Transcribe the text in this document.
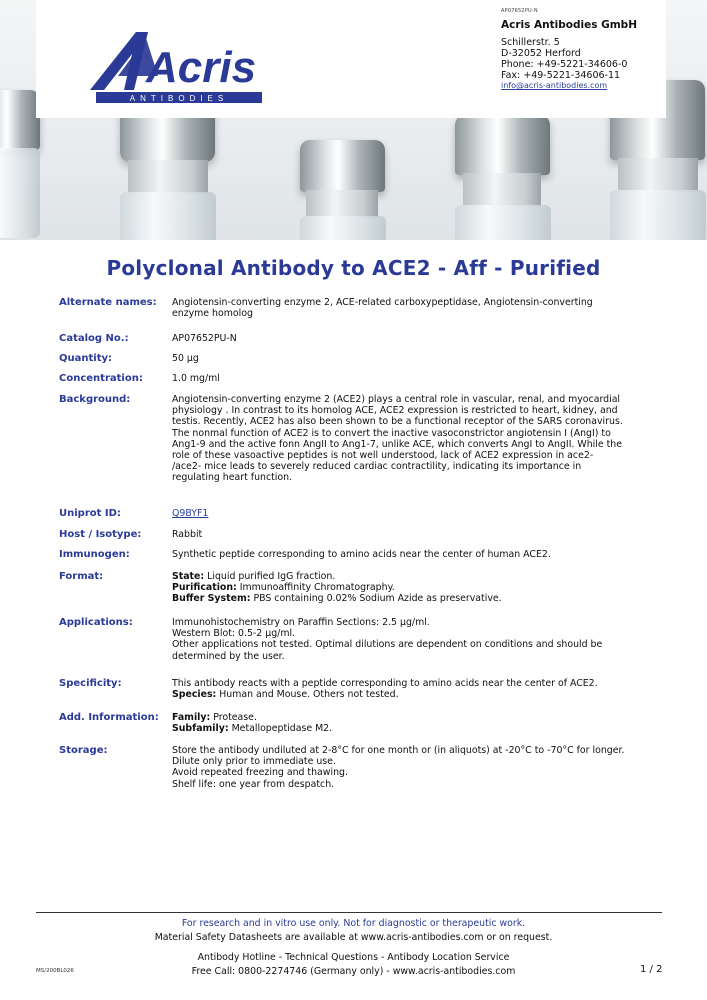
Acris
ANTIBODIES
AP07652PU-N
Acris Antibodies GmbH
Schillerstr. 5
D-32052 Herford
Phone: +49-5221-34606-0
Fax: +49-5221-34606-11
info@acris-antibodies.com
Polyclonal Antibody to ACE2 - Aff - Purified
Alternate names:	Angiotensin-converting enzyme 2, ACE-related carboxypeptidase, Angiotensin-converting
enzyme homolog
Catalog No.:	AP07652PU-N
Quantity:	50 µg
Concentration:	1.0 mg/ml
Background:	Angiotensin-converting enzyme 2 (ACE2) plays a central role in vascular, renal, and myocardial
physiology . In contrast to its homolog ACE, ACE2 expression is restricted to heart, kidney, and
testis. Recently, ACE2 has also been shown to be a functional receptor of the SARS coronavirus.
The nonmal function of ACE2 is to convert the inactive vasoconstrictor angiotensin I (AngI) to
Ang1-9 and the active fonn AngII to Ang1-7, unlike ACE, which converts AngI to AngII. While the
role of these vasoactive peptides is not well understood, lack of ACE2 expression in ace2-
/ace2- mice leads to severely reduced cardiac contractility, indicating its importance in
regulating heart function.
Uniprot ID:	Q9BYF1
Host / Isotype:	Rabbit
Immunogen:	Synthetic peptide corresponding to amino acids near the center of human ACE2.
Format:	State: Liquid purified IgG fraction.
Purification: Immunoaffinity Chromatography.
Buffer System: PBS containing 0.02% Sodium Azide as preservative.
Applications:	Immunohistochemistry on Paraffin Sections: 2.5 µg/ml.
Western Blot: 0.5-2 µg/ml.
Other applications not tested. Optimal dilutions are dependent on conditions and should be
determined by the user.
Specificity:	This antibody reacts with a peptide corresponding to amino acids near the center of ACE2.
Species: Human and Mouse. Others not tested.
Add. Information:	Family: Protease.
Subfamily: Metallopeptidase M2.
Storage:	Store the antibody undiluted at 2-8°C for one month or (in aliquots) at -20°C to -70°C for longer.
Dilute only prior to immediate use.
Avoid repeated freezing and thawing.
Shelf life: one year from despatch.
For research and in vitro use only. Not for diagnostic or therapeutic work.
Material Safety Datasheets are available at www.acris-antibodies.com or on request.
Antibody Hotline - Technical Questions - Antibody Location Service
Free Call: 0800-2274746 (Germany only) - www.acris-antibodies.com
MS/200BL026	1 / 2
